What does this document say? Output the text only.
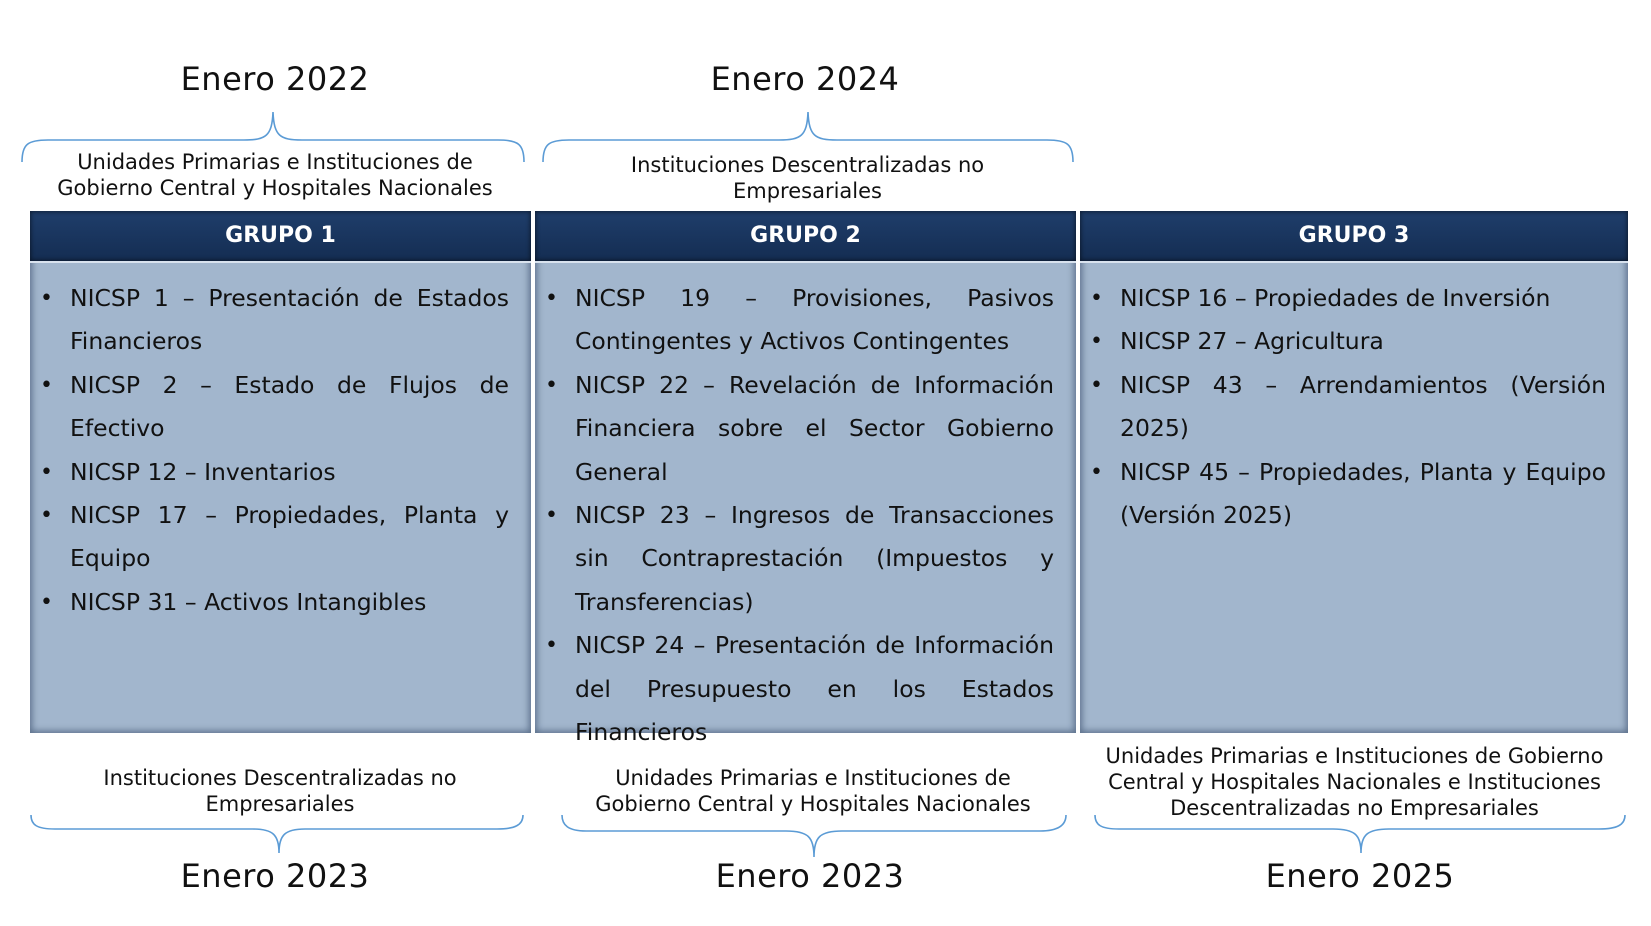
Enero 2022
Unidades Primarias e Instituciones de Gobierno Central y Hospitales Nacionales
Enero 2024
Instituciones Descentralizadas no Empresariales
GRUPO 1
• NICSP 1 – Presentación de Estados Financieros
• NICSP 2 – Estado de Flujos de Efectivo
• NICSP 12 – Inventarios
• NICSP 17 – Propiedades, Planta y Equipo
• NICSP 31 – Activos Intangibles
GRUPO 2
• NICSP 19 – Provisiones, Pasivos Contingentes y Activos Contingentes
• NICSP 22 – Revelación de Información Financiera sobre el Sector Gobierno General
• NICSP 23 – Ingresos de Transacciones sin Contraprestación (Impuestos y Transferencias)
• NICSP 24 – Presentación de Información del Presupuesto en los Estados Financieros
GRUPO 3
• NICSP 16 – Propiedades de Inversión
• NICSP 27 – Agricultura
• NICSP 43 – Arrendamientos (Versión 2025)
• NICSP 45 – Propiedades, Planta y Equipo (Versión 2025)
Instituciones Descentralizadas no Empresariales
Enero 2023
Unidades Primarias e Instituciones de Gobierno Central y Hospitales Nacionales
Enero 2023
Unidades Primarias e Instituciones de Gobierno Central y Hospitales Nacionales e Instituciones Descentralizadas no Empresariales
Enero 2025
